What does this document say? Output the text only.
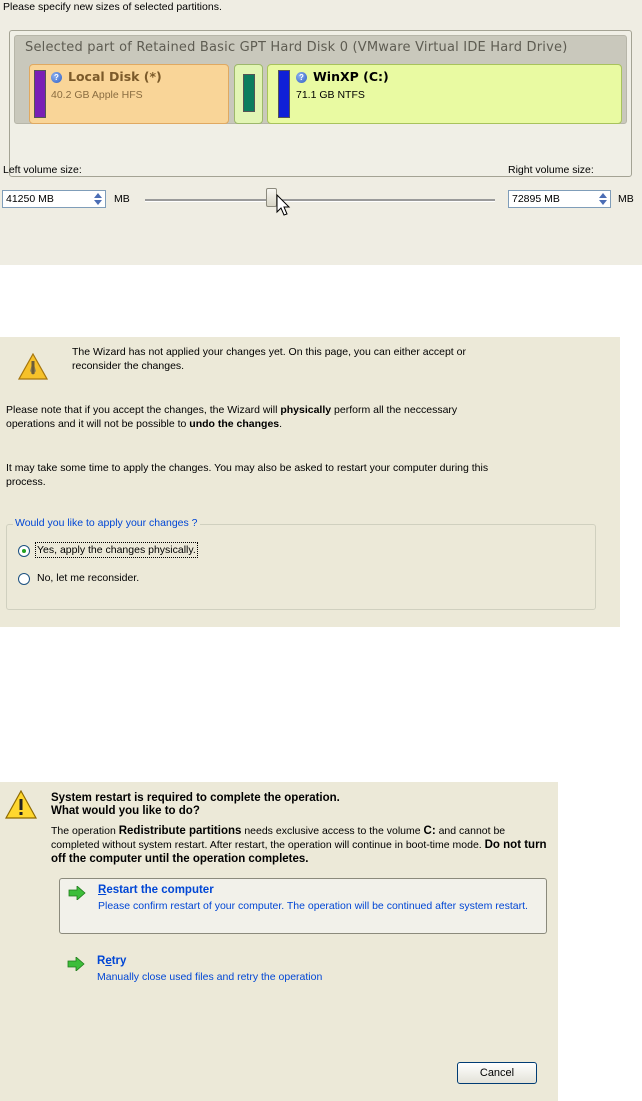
Please specify new sizes of selected partitions.
Selected part of Retained Basic GPT Hard Disk 0 (VMware Virtual IDE Hard Drive)
? Local Disk (*)
40.2 GB Apple HFS
? WinXP (C:)
71.1 GB NTFS
Left volume size:	Right volume size:
41250 MB	MB	72895 MB	MB
The Wizard has not applied your changes yet. On this page, you can either accept or
reconsider the changes.
Please note that if you accept the changes, the Wizard will physically perform all the neccessary
operations and it will not be possible to undo the changes.
It may take some time to apply the changes. You may also be asked to restart your computer during this
process.
Would you like to apply your changes ?
Yes, apply the changes physically.
No, let me reconsider.
System restart is required to complete the operation.
What would you like to do?
The operation Redistribute partitions needs exclusive access to the volume C: and cannot be completed without system restart. After restart, the operation will continue in boot-time mode. Do not turn off the computer until the operation completes.
Restart the computer
Please confirm restart of your computer. The operation will be continued after system restart.
Retry
Manually close used files and retry the operation
Cancel
